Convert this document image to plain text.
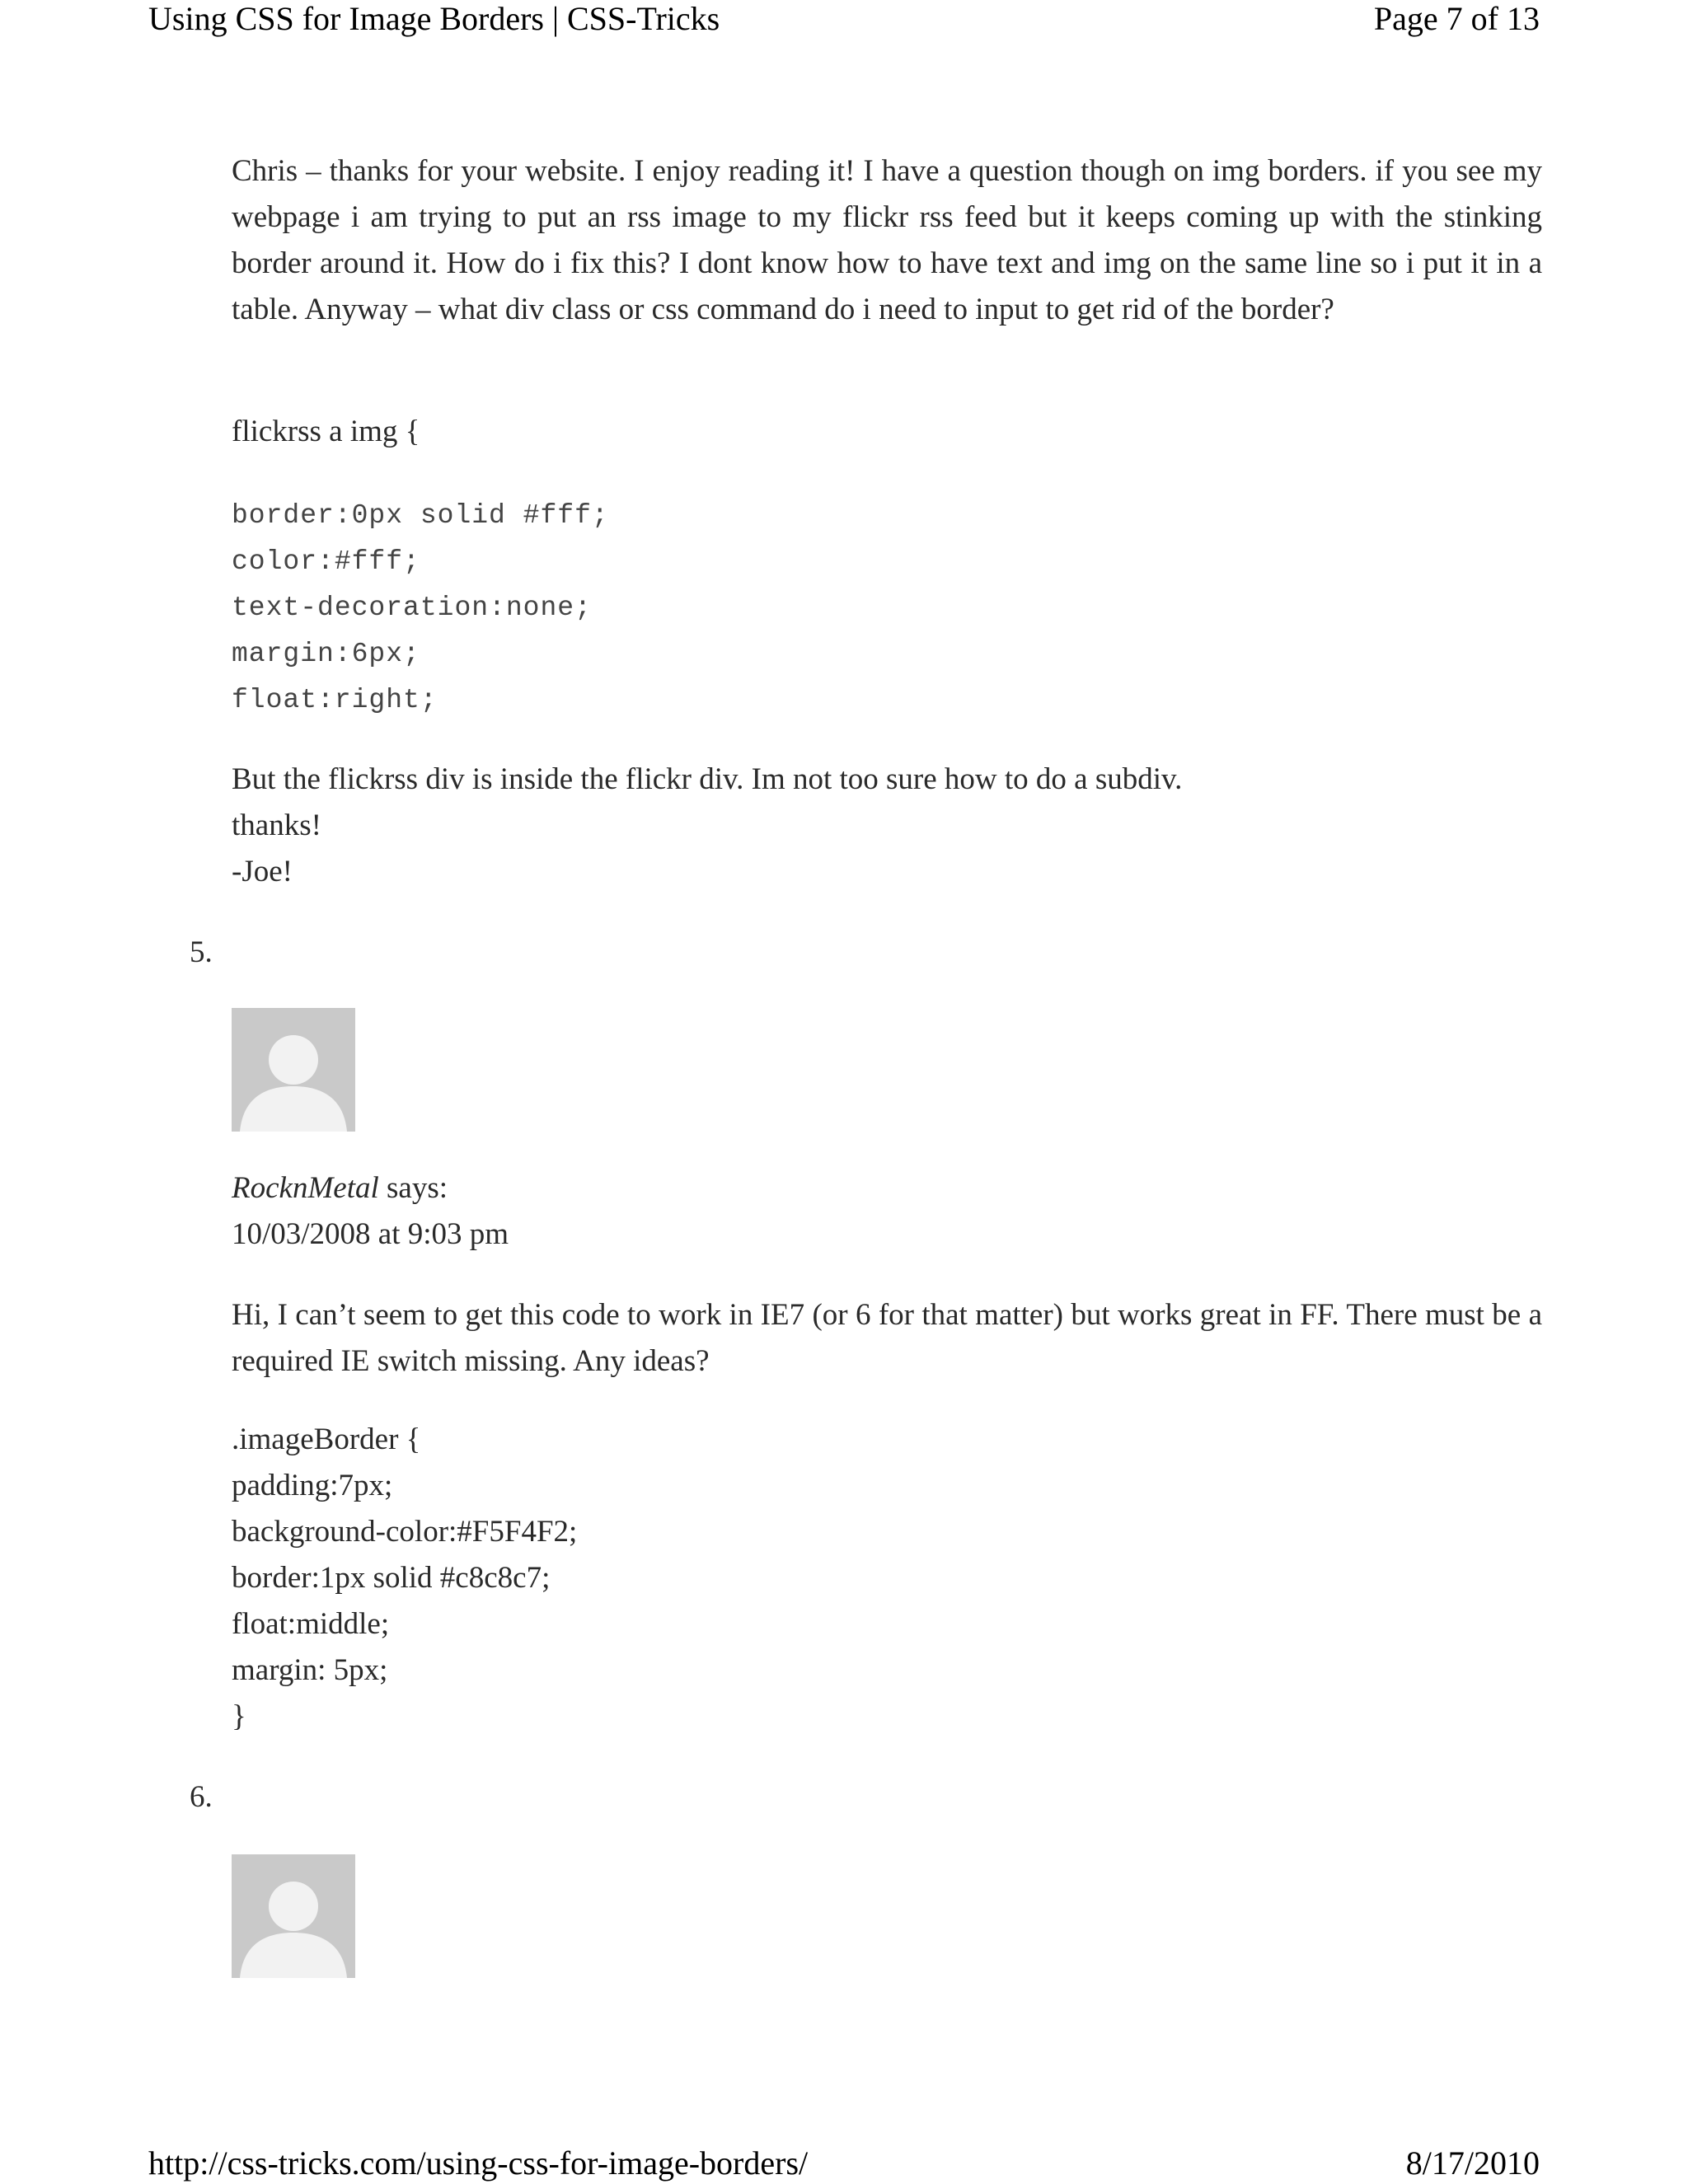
Using CSS for Image Borders | CSS-Tricks	Page 7 of 13
Chris – thanks for your website. I enjoy reading it! I have a question though on img borders. if you see my webpage i am trying to put an rss image to my flickr rss feed but it keeps coming up with the stinking border around it. How do i fix this? I dont know how to have text and img on the same line so i put it in a table. Anyway – what div class or css command do i need to input to get rid of the border?
flickrss a img {
border:0px solid #fff;
color:#fff;
text-decoration:none;
margin:6px;
float:right;
But the flickrss div is inside the flickr div. Im not too sure how to do a subdiv.
thanks!
-Joe!
5.
RocknMetal says:
10/03/2008 at 9:03 pm
Hi, I can’t seem to get this code to work in IE7 (or 6 for that matter) but works great in FF. There must be a required IE switch missing. Any ideas?
.imageBorder {
padding:7px;
background-color:#F5F4F2;
border:1px solid #c8c8c7;
float:middle;
margin: 5px;
}
6.
http://css-tricks.com/using-css-for-image-borders/	8/17/2010
